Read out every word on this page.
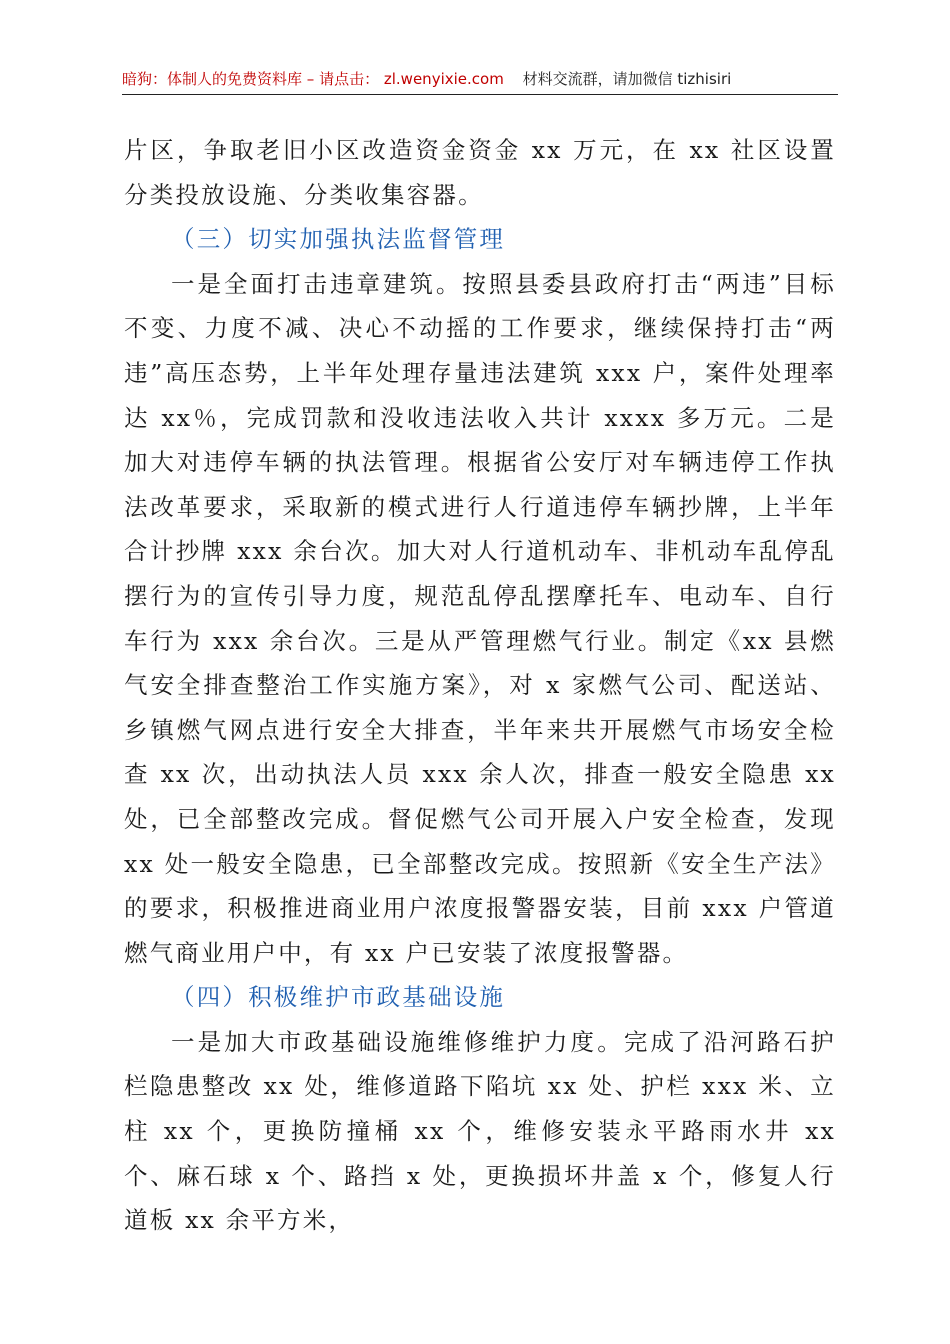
暗狗：体制人的免费资料库 – 请点击： zl.wenyixie.com 材料交流群，请加微信 tizhisiri

片区，争取老旧小区改造资金资金 xx 万元，在 xx 社区设置分类投放设施、分类收集容器。

（三）切实加强执法监督管理

一是全面打击违章建筑。按照县委县政府打击“两违”目标不变、力度不减、决心不动摇的工作要求，继续保持打击“两违”高压态势，上半年处理存量违法建筑 xxx 户，案件处理率达 xx％，完成罚款和没收违法收入共计 xxxx 多万元。二是加大对违停车辆的执法管理。根据省公安厅对车辆违停工作执法改革要求，采取新的模式进行人行道违停车辆抄牌，上半年合计抄牌 xxx 余台次。加大对人行道机动车、非机动车乱停乱摆行为的宣传引导力度，规范乱停乱摆摩托车、电动车、自行车行为 xxx 余台次。三是从严管理燃气行业。制定《xx 县燃气安全排查整治工作实施方案》，对 x 家燃气公司、配送站、乡镇燃气网点进行安全大排查，半年来共开展燃气市场安全检查 xx 次，出动执法人员 xxx 余人次，排查一般安全隐患 xx 处，已全部整改完成。督促燃气公司开展入户安全检查，发现 xx 处一般安全隐患，已全部整改完成。按照新《安全生产法》的要求，积极推进商业用户浓度报警器安装，目前 xxx 户管道燃气商业用户中，有 xx 户已安装了浓度报警器。

（四）积极维护市政基础设施

一是加大市政基础设施维修维护力度。完成了沿河路石护栏隐患整改 xx 处，维修道路下陷坑 xx 处、护栏 xxx 米、立柱 xx 个，更换防撞桶 xx 个，维修安装永平路雨水井 xx 个、麻石球 x 个、路挡 x 处，更换损坏井盖 x 个，修复人行道板 xx 余平方米，
